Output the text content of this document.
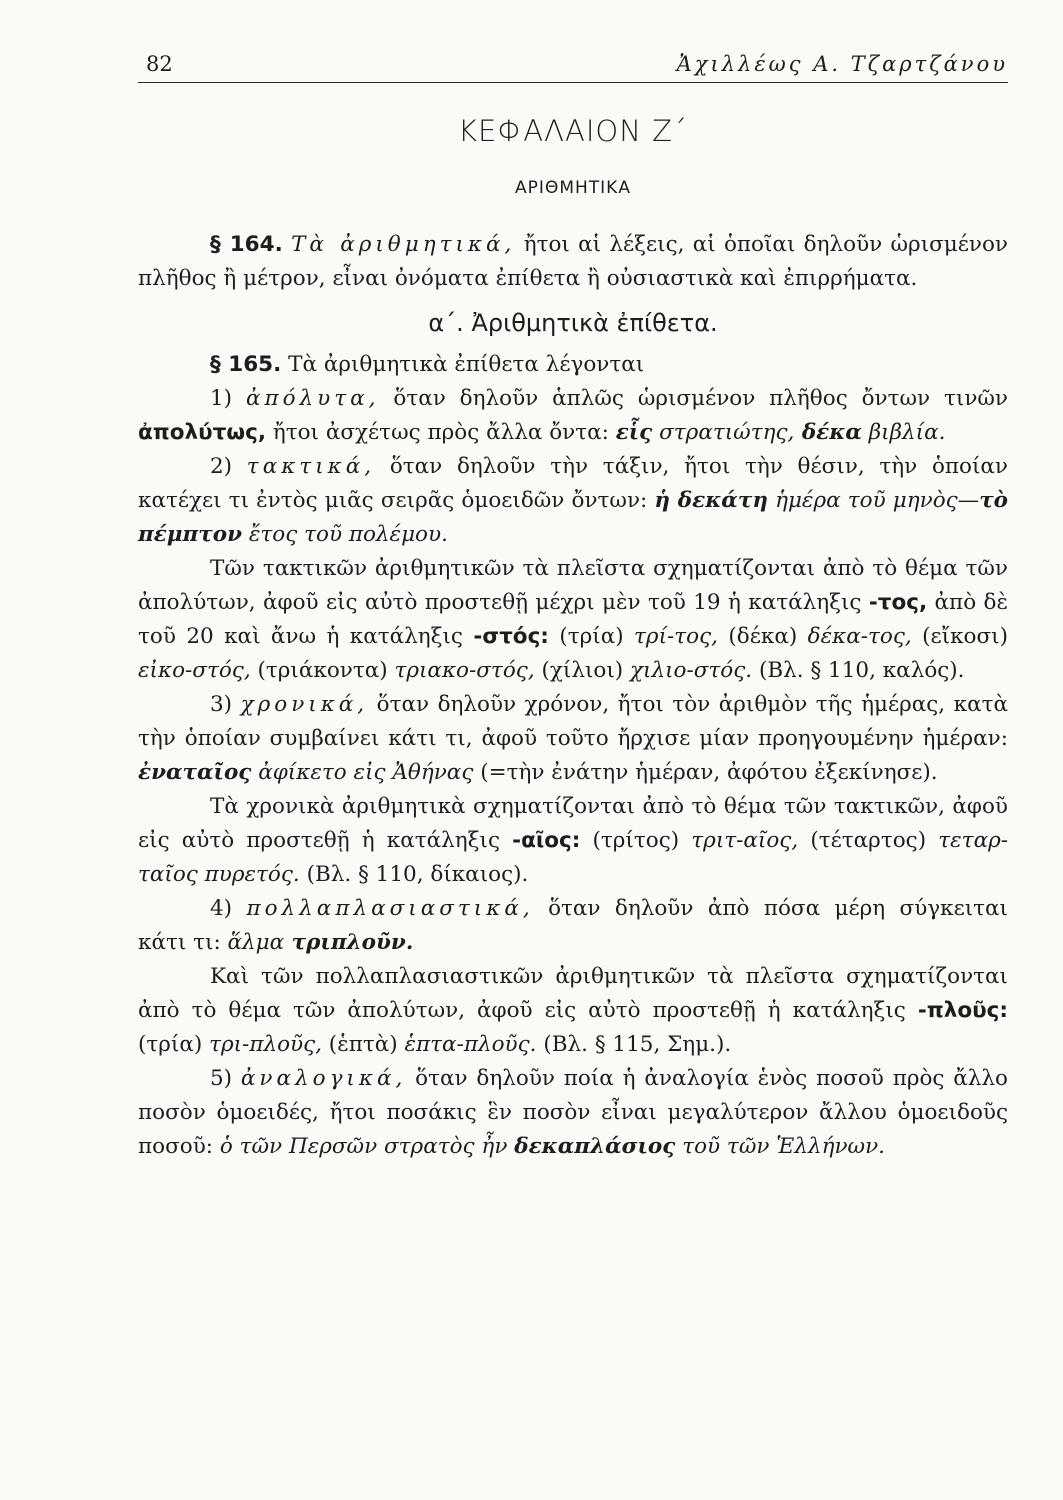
82	Ἀχιλλέως Α. Τζαρτζάνου
ΚΕΦΑΛΑΙΟΝ Ζ΄
ΑΡΙΘΜΗΤΙΚΑ

§ 164. Τὰ ἀριθμητικά, ἤτοι αἱ λέξεις, αἱ ὁποῖαι δηλοῦν ὡρισμένον πλῆθος ἢ μέτρον, εἶναι ὀνόματα ἐπίθετα ἢ οὐσιαστικὰ καὶ ἐπιρρήματα.

α΄. Ἀριθμητικὰ ἐπίθετα.

§ 165. Τὰ ἀριθμητικὰ ἐπίθετα λέγονται

1) ἀπόλυτα, ὅταν δηλοῦν ἁπλῶς ὡρισμένον πλῆθος ὄντων τινῶν ἀπολύτως, ἤτοι ἀσχέτως πρὸς ἄλλα ὄντα: εἷς στρατιώτης, δέκα βιβλία.

2) τακτικά, ὅταν δηλοῦν τὴν τάξιν, ἤτοι τὴν θέσιν, τὴν ὁποίαν κατέχει τι ἐντὸς μιᾶς σειρᾶς ὁμοειδῶν ὄντων: ἡ δεκάτη ἡμέρα τοῦ μηνὸς—τὸ πέμπτον ἔτος τοῦ πολέμου.

Τῶν τακτικῶν ἀριθμητικῶν τὰ πλεῖστα σχηματίζονται ἀπὸ τὸ θέμα τῶν ἀπολύτων, ἀφοῦ εἰς αὐτὸ προστεθῇ μέχρι μὲν τοῦ 19 ἡ κατάληξις -τος, ἀπὸ δὲ τοῦ 20 καὶ ἄνω ἡ κατάληξις -στός: (τρία) τρί-τος, (δέκα) δέκα-τος, (εἴκοσι) εἰκο-στός, (τριάκοντα) τριακο-στός, (χίλιοι) χιλιο-στός. (Βλ. § 110, καλός).

3) χρονικά, ὅταν δηλοῦν χρόνον, ἤτοι τὸν ἀριθμὸν τῆς ἡμέρας, κατὰ τὴν ὁποίαν συμβαίνει κάτι τι, ἀφοῦ τοῦτο ἤρχισε μίαν προηγουμένην ἡμέραν: ἐναταῖος ἀφίκετο εἰς Ἀθήνας (=τὴν ἐνάτην ἡμέραν, ἀφότου ἐξεκίνησε).

Τὰ χρονικὰ ἀριθμητικὰ σχηματίζονται ἀπὸ τὸ θέμα τῶν τακτικῶν, ἀφοῦ εἰς αὐτὸ προστεθῇ ἡ κατάληξις -αῖος: (τρίτος) τριτ-αῖος, (τέταρτος) τεταρ-ταῖος πυρετός. (Βλ. § 110, δίκαιος).

4) πολλαπλασιαστικά, ὅταν δηλοῦν ἀπὸ πόσα μέρη σύγκειται κάτι τι: ἅλμα τριπλοῦν.

Καὶ τῶν πολλαπλασιαστικῶν ἀριθμητικῶν τὰ πλεῖστα σχηματίζονται ἀπὸ τὸ θέμα τῶν ἀπολύτων, ἀφοῦ εἰς αὐτὸ προστεθῇ ἡ κατάληξις -πλοῦς: (τρία) τρι-πλοῦς, (ἑπτὰ) ἑπτα-πλοῦς. (Βλ. § 115, Σημ.).

5) ἀναλογικά, ὅταν δηλοῦν ποία ἡ ἀναλογία ἑνὸς ποσοῦ πρὸς ἄλλο ποσὸν ὁμοειδές, ἤτοι ποσάκις ἓν ποσὸν εἶναι μεγαλύτερον ἄλλου ὁμοειδοῦς ποσοῦ: ὁ τῶν Περσῶν στρατὸς ἦν δεκαπλάσιος τοῦ τῶν Ἑλλήνων.
